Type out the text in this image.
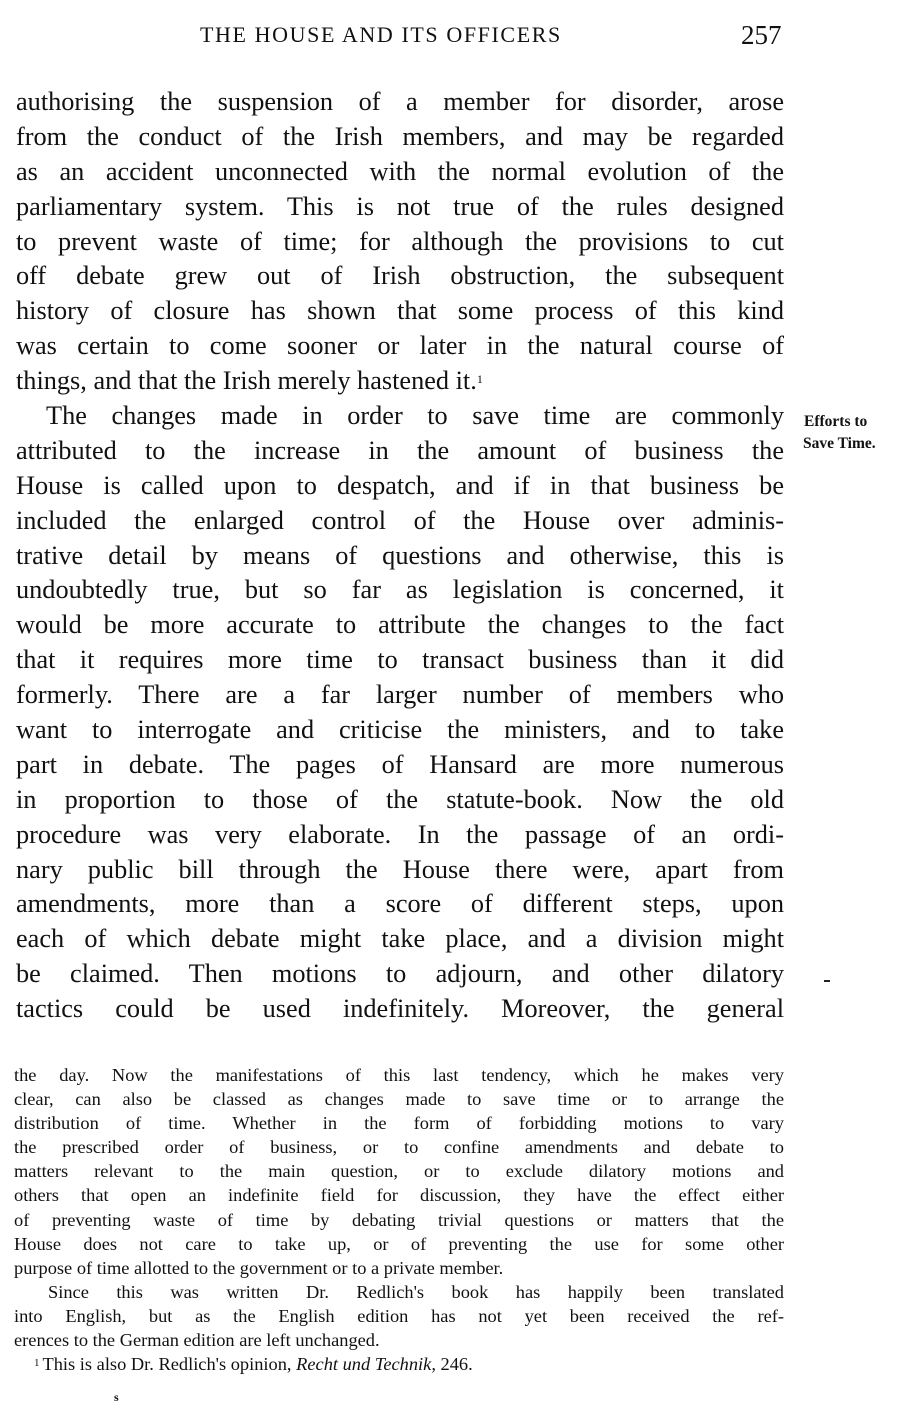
THE HOUSE AND ITS OFFICERS	257
authorising the suspension of a member for disorder, arose
from the conduct of the Irish members, and may be regarded
as an accident unconnected with the normal evolution of the
parliamentary system. This is not true of the rules designed
to prevent waste of time; for although the provisions to cut
off debate grew out of Irish obstruction, the subsequent
history of closure has shown that some process of this kind
was certain to come sooner or later in the natural course of
things, and that the Irish merely hastened it.$^1$
The changes made in order to save time are commonly
attributed to the increase in the amount of business the
House is called upon to despatch, and if in that business be
included the enlarged control of the House over adminis-
trative detail by means of questions and otherwise, this is
undoubtedly true, but so far as legislation is concerned, it
would be more accurate to attribute the changes to the fact
that it requires more time to transact business than it did
formerly. There are a far larger number of members who
want to interrogate and criticise the ministers, and to take
part in debate. The pages of Hansard are more numerous
in proportion to those of the statute-book. Now the old
procedure was very elaborate. In the passage of an ordi-
nary public bill through the House there were, apart from
amendments, more than a score of different steps, upon
each of which debate might take place, and a division might
be claimed. Then motions to adjourn, and other dilatory
tactics could be used indefinitely. Moreover, the general
Efforts to
Save Time.
the day. Now the manifestations of this last tendency, which he makes very
clear, can also be classed as changes made to save time or to arrange the
distribution of time. Whether in the form of forbidding motions to vary
the prescribed order of business, or to confine amendments and debate to
matters relevant to the main question, or to exclude dilatory motions and
others that open an indefinite field for discussion, they have the effect either
of preventing waste of time by debating trivial questions or matters that the
House does not care to take up, or of preventing the use for some other
purpose of time allotted to the government or to a private member.
Since this was written Dr. Redlich's book has happily been translated
into English, but as the English edition has not yet been received the ref-
erences to the German edition are left unchanged.
$^1$ This is also Dr. Redlich's opinion, Recht und Technik, 246.
s
